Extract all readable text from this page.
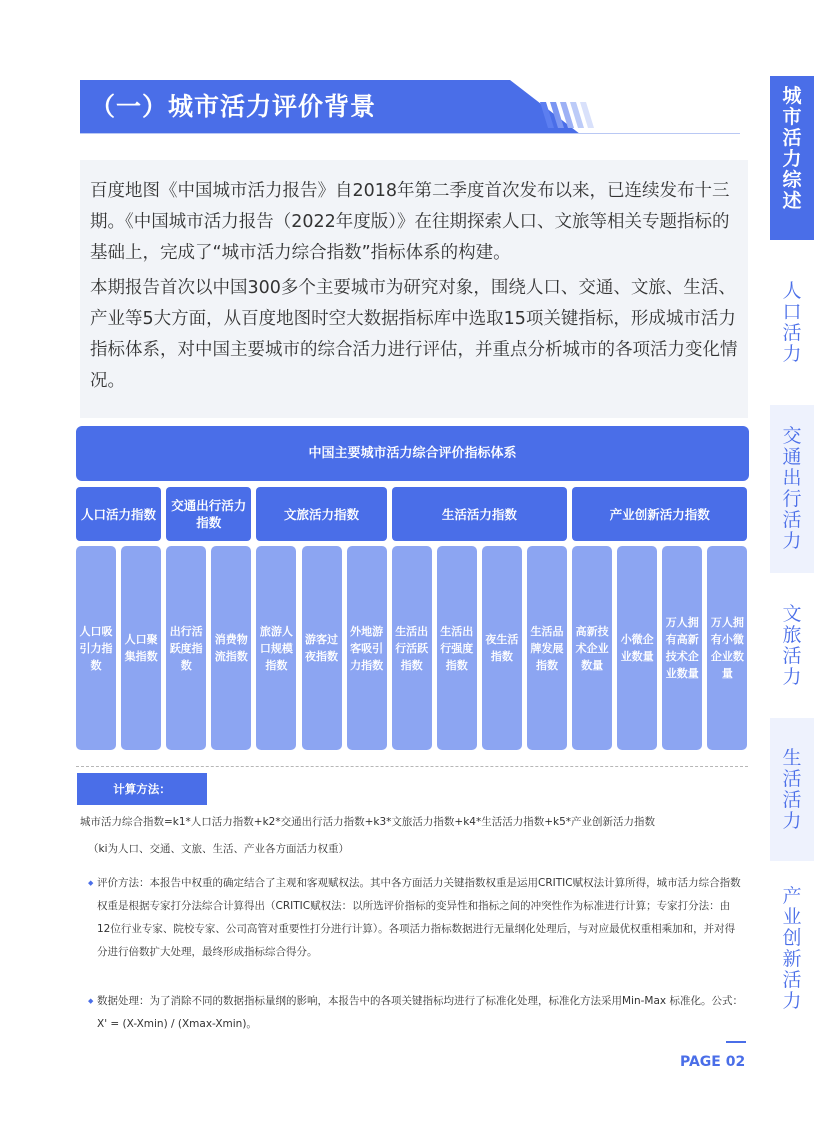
（一）城市活力评价背景	城
市
活
力
综
述
人
口
活
力
交
通
出
行
活
力
文
旅
活
力
生
活
活
力
产
业
创
新
活
力

百度地图《中国城市活力报告》自2018年第二季度首次发布以来，已连续发布十三期。《中国城市活力报告（2022年度版）》在往期探索人口、文旅等相关专题指标的基础上，完成了“城市活力综合指数”指标体系的构建。

本期报告首次以中国300多个主要城市为研究对象，围绕人口、交通、文旅、生活、产业等5大方面，从百度地图时空大数据指标库中选取15项关键指标，形成城市活力指标体系，对中国主要城市的综合活力进行评估，并重点分析城市的各项活力变化情况。

中国主要城市活力综合评价指标体系
人口活力指数
交通出行活力指数
文旅活力指数	生活活力指数	产业创新活力指数
人口吸引力指数
人口聚集指数
出行活跃度指数
消费物流指数
旅游人口规模指数
游客过夜指数
外地游客吸引力指数
生活出行活跃指数
生活出行强度指数
夜生活指数
生活品牌发展指数
高新技术企业数量
小微企业数量
万人拥有高新技术企业数量
万人拥有小微企业数量
计算方法：
城市活力综合指数=k1*人口活力指数+k2*交通出行活力指数+k3*文旅活力指数+k4*生活活力指数+k5*产业创新活力指数
（ki为人口、交通、文旅、生活、产业各方面活力权重）
◆ 评价方法：本报告中权重的确定结合了主观和客观赋权法。其中各方面活力关键指数权重是运用CRITIC赋权法计算所得，城市活力综合指数权重是根据专家打分法综合计算得出（CRITIC赋权法：以所选评价指标的变异性和指标之间的冲突性作为标准进行计算；专家打分法：由12位行业专家、院校专家、公司高管对重要性打分进行计算）。各项活力指标数据进行无量纲化处理后，与对应最优权重相乘加和，并对得分进行倍数扩大处理，最终形成指标综合得分。
◆ 数据处理：为了消除不同的数据指标量纲的影响，本报告中的各项关键指标均进行了标准化处理，标准化方法采用Min-Max 标准化。公式：X' = (X-Xmin) / (Xmax-Xmin)。
PAGE 02
